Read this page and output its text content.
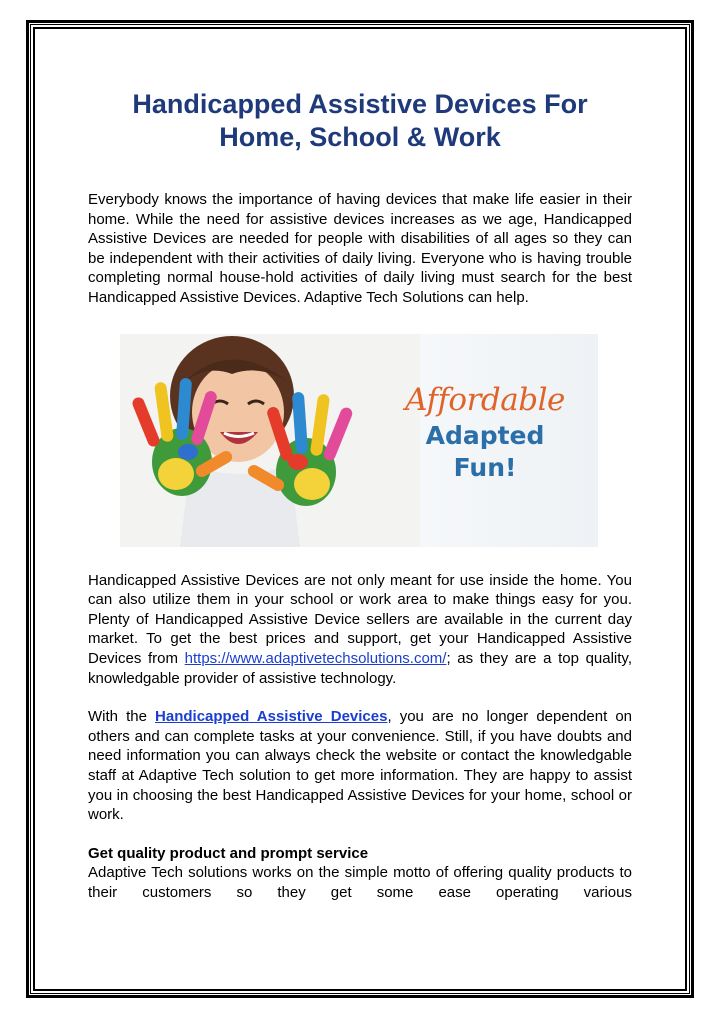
Handicapped Assistive Devices For
Home, School & Work

Everybody knows the importance of having devices that make life easier in their home. While the need for assistive devices increases as we age, Handicapped Assistive Devices are needed for people with disabilities of all ages so they can be independent with their activities of daily living. Everyone who is having trouble completing normal house-hold activities of daily living must search for the best Handicapped Assistive Devices. Adaptive Tech Solutions can help.

Affordable
Adapted
Fun!

Handicapped Assistive Devices are not only meant for use inside the home. You can also utilize them in your school or work area to make things easy for you. Plenty of Handicapped Assistive Device sellers are available in the current day market. To get the best prices and support, get your Handicapped Assistive Devices from https://www.adaptivetechsolutions.com/; as they are a top quality, knowledgable provider of assistive technology.

With the Handicapped Assistive Devices, you are no longer dependent on others and can complete tasks at your convenience. Still, if you have doubts and need information you can always check the website or contact the knowledgable staff at Adaptive Tech solution to get more information. They are happy to assist you in choosing the best Handicapped Assistive Devices for your home, school or work.

Get quality product and prompt service

Adaptive Tech solutions works on the simple motto of offering quality products to their customers so they get some ease operating various
